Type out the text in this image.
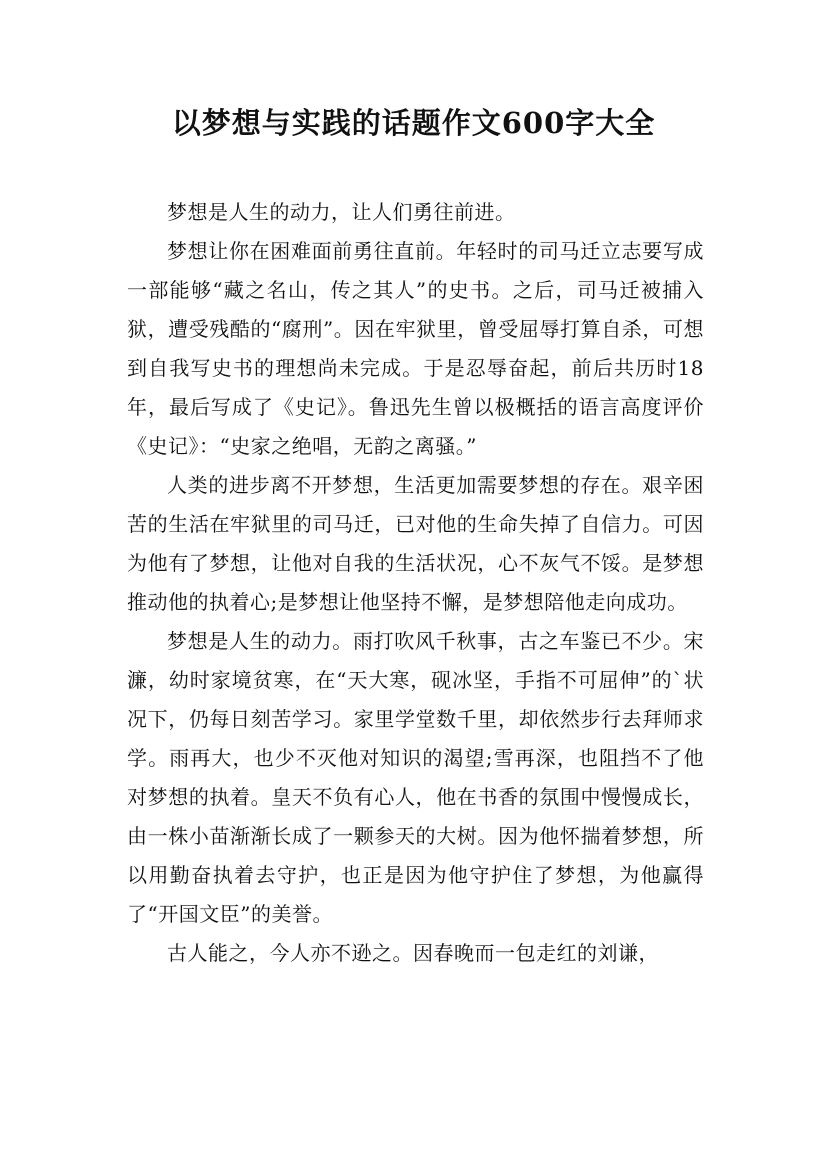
以梦想与实践的话题作文600字大全

梦想是人生的动力，让人们勇往前进。

梦想让你在困难面前勇往直前。年轻时的司马迁立志要写成一部能够“藏之名山，传之其人”的史书。之后，司马迁被捕入狱，遭受残酷的“腐刑”。因在牢狱里，曾受屈辱打算自杀，可想到自我写史书的理想尚未完成。于是忍辱奋起，前后共历时18年，最后写成了《史记》。鲁迅先生曾以极概括的语言高度评价《史记》：“史家之绝唱，无韵之离骚。”

人类的进步离不开梦想，生活更加需要梦想的存在。艰辛困苦的生活在牢狱里的司马迁，已对他的生命失掉了自信力。可因为他有了梦想，让他对自我的生活状况，心不灰气不馁。是梦想推动他的执着心;是梦想让他坚持不懈，是梦想陪他走向成功。

梦想是人生的动力。雨打吹风千秋事，古之车鉴已不少。宋濂，幼时家境贫寒，在“天大寒，砚冰坚，手指不可屈伸”的`状况下，仍每日刻苦学习。家里学堂数千里，却依然步行去拜师求学。雨再大，也少不灭他对知识的渴望;雪再深，也阻挡不了他对梦想的执着。皇天不负有心人，他在书香的氛围中慢慢成长，由一株小苗渐渐长成了一颗参天的大树。因为他怀揣着梦想，所以用勤奋执着去守护，也正是因为他守护住了梦想，为他赢得了“开国文臣”的美誉。

古人能之，今人亦不逊之。因春晚而一包走红的刘谦，
